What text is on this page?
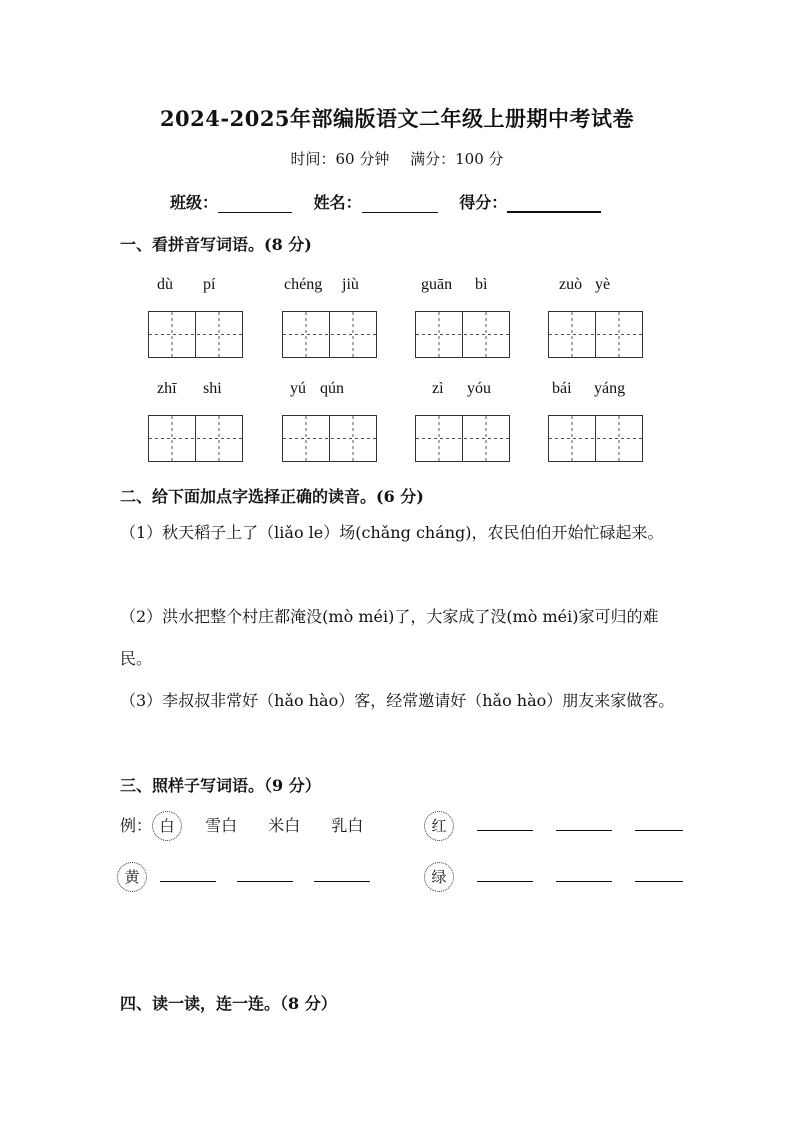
2024-2025年部编版语文二年级上册期中考试卷
时间：60 分钟 满分：100 分
班级：	姓名：	得分：
一、看拼音写词语。(8 分)
dù pí	chéng jiù	guān bì	zuò yè
zhī shi	yú qún	zì yóu	bái yáng
二、给下面加点字选择正确的读音。(6 分)
（1）秋天稻子上了（liǎo le）场(chǎng cháng)，农民伯伯开始忙碌起来。
（2）洪水把整个村庄都淹没(mò méi)了，大家成了没(mò méi)家可归的难民。
（3）李叔叔非常好（hǎo hào）客，经常邀请好（hǎo hào）朋友来家做客。
三、照样子写词语。（9 分）
例： 白 雪白 米白 乳白	红
黄	绿
四、读一读，连一连。（8 分）
